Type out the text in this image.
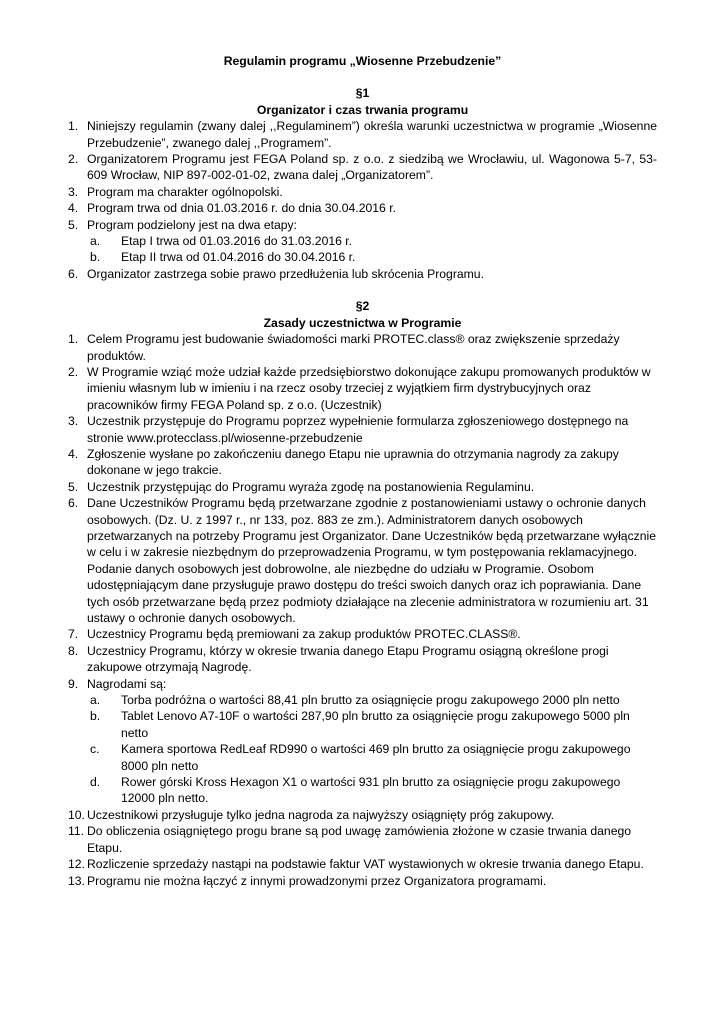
Regulamin programu „Wiosenne Przebudzenie”

§1

Organizator i czas trwania programu

1. Niniejszy regulamin (zwany dalej ,,Regulaminem”) określa warunki uczestnictwa w programie „Wiosenne Przebudzenie”, zwanego dalej ,,Programem”.
2. Organizatorem Programu jest FEGA Poland sp. z o.o. z siedzibą we Wrocławiu, ul. Wagonowa 5-7, 53-609 Wrocław, NIP 897-002-01-02, zwana dalej „Organizatorem”.
3. Program ma charakter ogólnopolski.
4. Program trwa od dnia 01.03.2016 r. do dnia 30.04.2016 r.
5. Program podzielony jest na dwa etapy:
a. Etap I trwa od 01.03.2016 do 31.03.2016 r.
b. Etap II trwa od 01.04.2016 do 30.04.2016 r.
6. Organizator zastrzega sobie prawo przedłużenia lub skrócenia Programu.

§2

Zasady uczestnictwa w Programie

1. Celem Programu jest budowanie świadomości marki PROTEC.class® oraz zwiększenie sprzedaży produktów.
2. W Programie wziąć może udział każde przedsiębiorstwo dokonujące zakupu promowanych produktów w imieniu własnym lub w imieniu i na rzecz osoby trzeciej z wyjątkiem firm dystrybucyjnych oraz pracowników firmy FEGA Poland sp. z o.o. (Uczestnik)
3. Uczestnik przystępuje do Programu poprzez wypełnienie formularza zgłoszeniowego dostępnego na stronie www.protecclass.pl/wiosenne-przebudzenie
4. Zgłoszenie wysłane po zakończeniu danego Etapu nie uprawnia do otrzymania nagrody za zakupy dokonane w jego trakcie.
5. Uczestnik przystępując do Programu wyraża zgodę na postanowienia Regulaminu.
6. Dane Uczestników Programu będą przetwarzane zgodnie z postanowieniami ustawy o ochronie danych osobowych. (Dz. U. z 1997 r., nr 133, poz. 883 ze zm.). Administratorem danych osobowych przetwarzanych na potrzeby Programu jest Organizator. Dane Uczestników będą przetwarzane wyłącznie w celu i w zakresie niezbędnym do przeprowadzenia Programu, w tym postępowania reklamacyjnego. Podanie danych osobowych jest dobrowolne, ale niezbędne do udziału w Programie. Osobom udostępniającym dane przysługuje prawo dostępu do treści swoich danych oraz ich poprawiania. Dane tych osób przetwarzane będą przez podmioty działające na zlecenie administratora w rozumieniu art. 31 ustawy o ochronie danych osobowych.
7. Uczestnicy Programu będą premiowani za zakup produktów PROTEC.CLASS®.
8. Uczestnicy Programu, którzy w okresie trwania danego Etapu Programu osiągną określone progi zakupowe otrzymają Nagrodę.
9. Nagrodami są:
a. Torba podróżna o wartości 88,41 pln brutto za osiągnięcie progu zakupowego 2000 pln netto
b. Tablet Lenovo A7-10F o wartości 287,90 pln brutto za osiągnięcie progu zakupowego 5000 pln netto
c. Kamera sportowa RedLeaf RD990 o wartości 469 pln brutto za osiągnięcie progu zakupowego 8000 pln netto
d. Rower górski Kross Hexagon X1 o wartości 931 pln brutto za osiągnięcie progu zakupowego 12000 pln netto.
10. Uczestnikowi przysługuje tylko jedna nagroda za najwyższy osiągnięty próg zakupowy.
11. Do obliczenia osiągniętego progu brane są pod uwagę zamówienia złożone w czasie trwania danego Etapu.
12. Rozliczenie sprzedaży nastąpi na podstawie faktur VAT wystawionych w okresie trwania danego Etapu.
13. Programu nie można łączyć z innymi prowadzonymi przez Organizatora programami.
